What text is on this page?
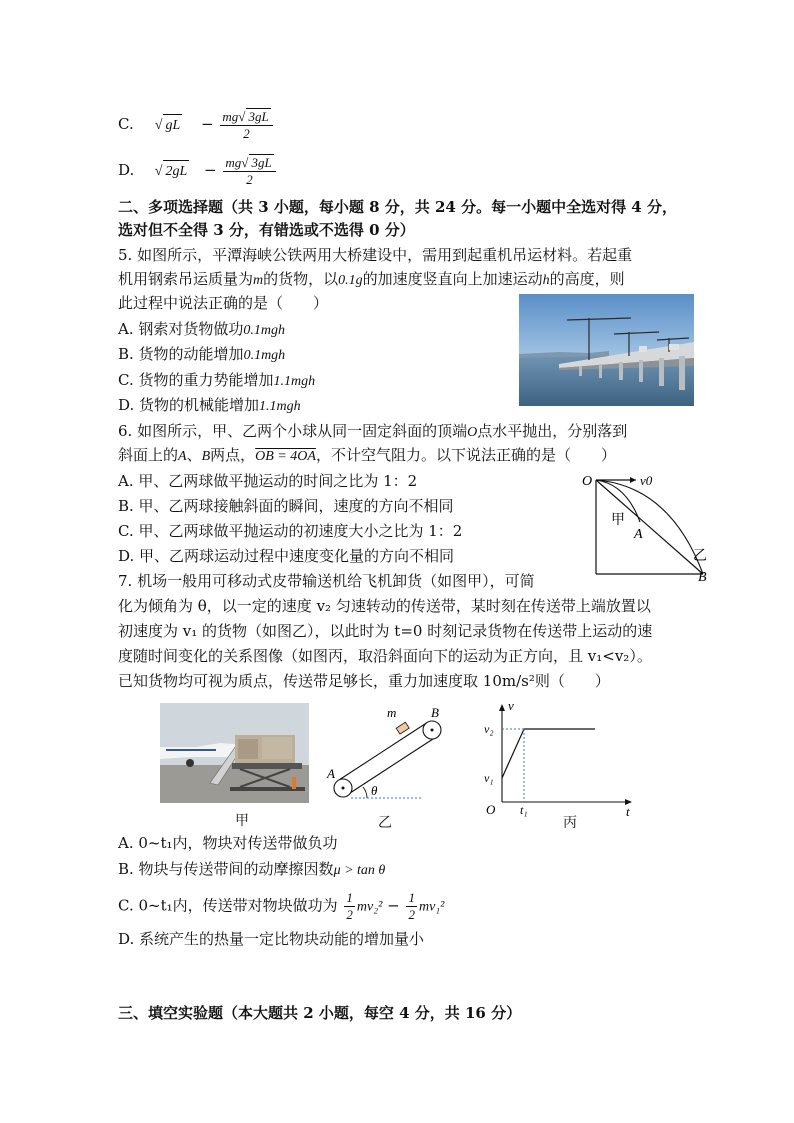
C. √ gL − $\frac{mg√ 3gL}{2}$
D. √ $2gL - \frac{mg√ 3gL}{2}$
二、多项选择题（共 3 小题，每小题 8 分，共 24 分。每一小题中全选对得 4 分，
选对但不全得 3 分，有错选或不选得 0 分）
5. 如图所示，平潭海峡公铁两用大桥建设中，需用到起重机吊运材料。若起重
机用钢索吊运质量为m的货物，以0.1g的加速度竖直向上加速运动h的高度，则
此过程中说法正确的是（　　）
A. 钢索对货物做功0.1mgh
B. 货物的动能增加0.1mgh
C. 货物的重力势能增加1.1mgh
D. 货物的机械能增加1.1mgh
6. 如图所示，甲、乙两个小球从同一固定斜面的顶端O点水平抛出，分别落到
斜面上的A、B两点，OB = 4OA，不计空气阻力。以下说法正确的是（　　）
A. 甲、乙两球做平抛运动的时间之比为 1：2
B. 甲、乙两球接触斜面的瞬间，速度的方向不相同
C. 甲、乙两球做平抛运动的初速度大小之比为 1：2
D. 甲、乙两球运动过程中速度变化量的方向不相同
O	v0
甲
A
乙
B
7. 机场一般用可移动式皮带输送机给飞机卸货（如图甲），可简
化为倾角为 θ，以一定的速度 v₂ 匀速转动的传送带，某时刻在传送带上端放置以
初速度为 v₁ 的货物（如图乙），以此时为 t=0 时刻记录货物在传送带上运动的速
度随时间变化的关系图像（如图丙，取沿斜面向下的运动为正方向，且 v₁<v₂）。
已知货物均可视为质点，传送带足够长，重力加速度取 10m/s²则（　　）
m
A
B
θ
v
t
O
v₁
v₂
t₁
甲	乙	丙
A. 0~t₁内，物块对传送带做负功
B. 物块与传送带间的动摩擦因数μ > tan θ
C. 0~t₁内，传送带对物块做功为 $\frac{1}{2} mv_2^2 - \frac{1}{2} mv_1^2$
D. 系统产生的热量一定比物块动能的增加量小
三、填空实验题（本大题共 2 小题，每空 4 分，共 16 分）
